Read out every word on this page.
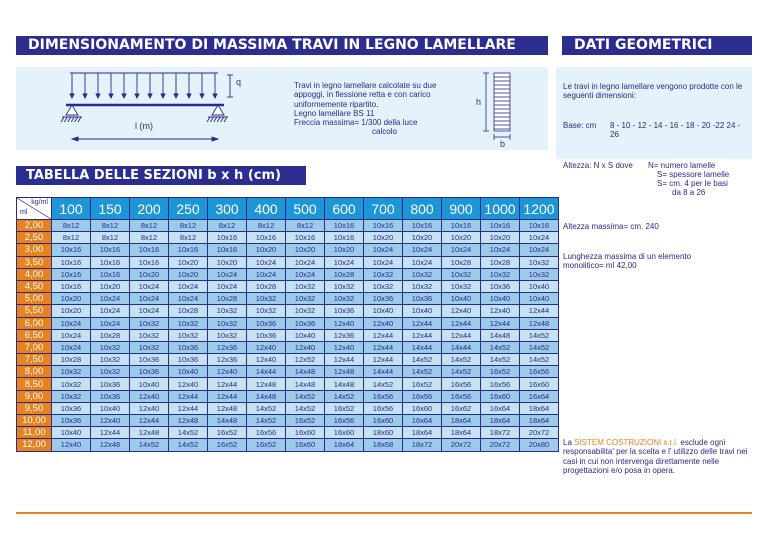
DIMENSIONAMENTO DI MASSIMA TRAVI IN LEGNO LAMELLARE	DATI GEOMETRICI
q
l (m)
Travi in legno lamellare calcolate su due
appoggi, in flessione retta e con carico
uniformemente ripartito.
Legno lamellare BS 11
Freccia massima= 1/300 della luce
calcolo
h
b
Le travi in legno lamellare vengono prodotte con le seguenti dimensioni:
Base: cm 8 - 10 - 12 - 14 - 16 - 18 - 20 -22 24 - 26
Altezza: N x S dove N= numero lamelle
S= spessore lamelle
S= cm. 4 per le basi
da 8 a 26
Altezza massima= cm. 240
Lunghezza massima di un elemento monolitico= ml 42,00
TABELLA DELLE SEZIONI b x h (cm)
kg/ml
ml	100	150	200	250	300	400	500	600	700	800	900	1000	1200
2,00	8x12	8x12	8x12	8x12	8x12	8x12	8x12	10x16	10x16	10x16	10x16	10x16	10x16
2,50	8x12	8x12	8x12	8x12	10x16	10x16	10x16	10x16	10x20	10x20	10x20	10x20	10x24
3,00	10x16	10x16	10x16	10x16	10x16	10x20	10x20	10x20	10x24	10x24	10x24	10x24	10x24
3,50	10x16	10x16	10x16	10x20	10x20	10x24	10x24	10x24	10x24	10x24	10x28	10x28	10x32
4,00	10x16	10x16	10x20	10x20	10x24	10x24	10x24	10x28	10x32	10x32	10x32	10x32	10x32
4,50	10x16	10x20	10x24	10x24	10x24	10x28	10x32	10x32	10x32	10x32	10x32	10x36	10x40
5,00	10x20	10x24	10x24	10x24	10x28	10x32	10x32	10x32	10x36	10x36	10x40	10x40	10x40
5,50	10x20	10x24	10x24	10x28	10x32	10x32	10x32	10x36	10x40	10x40	12x40	12x40	12x44
6,00	10x24	10x24	10x32	10x32	10x32	10x36	10x36	12x40	12x40	12x44	12x44	12x44	12x48
6,50	10x24	10x28	10x32	10x32	10x32	10x36	10x40	12x36	12x44	12x44	12x44	14x48	14x52
7,00	10x24	10x32	10x32	10x36	12x36	12x40	12x40	12x40	12x44	14x44	14x44	14x52	14x52
7,50	10x28	10x32	10x36	10x36	12x36	12x40	12x52	12x44	12x44	14x52	14x52	14x52	14x52
8,00	10x32	10x32	10x36	10x40	12x40	14x44	14x48	12x48	14x44	14x52	14x52	16x52	16x56
8,50	10x32	10x36	10x40	12x40	12x44	12x48	14x48	14x48	14x52	16x52	16x56	16x56	16x60
9,00	10x32	10x36	12x40	12x44	12x44	14x48	14x52	14x52	16x56	16x56	16x56	16x60	16x64
9,50	10x36	10x40	12x40	12x44	12x48	14x52	14x52	16x52	16x56	16x60	16x62	16x64	18x64
10,00	10x36	12x40	12x44	12x48	14x48	14x52	16x52	16x56	16x60	16x64	18x64	18x64	18x64
11,00	10x40	12x44	12x48	14x52	16x52	16x56	16x60	16x60	18x60	18x64	18x64	18x72	20x72
12,00	12x40	12x48	14x52	14x52	16x52	16x52	16x60	18x64	18x68	18x72	20x72	20x72	20x80 La SISTEM COSTRUZIONI s.r.l. esclude ogni responsabilita' per la scelta e l' utilizzo delle travi nei casi in cui non intervenga direttamente nelle progettazioni e/o posa in opera.
